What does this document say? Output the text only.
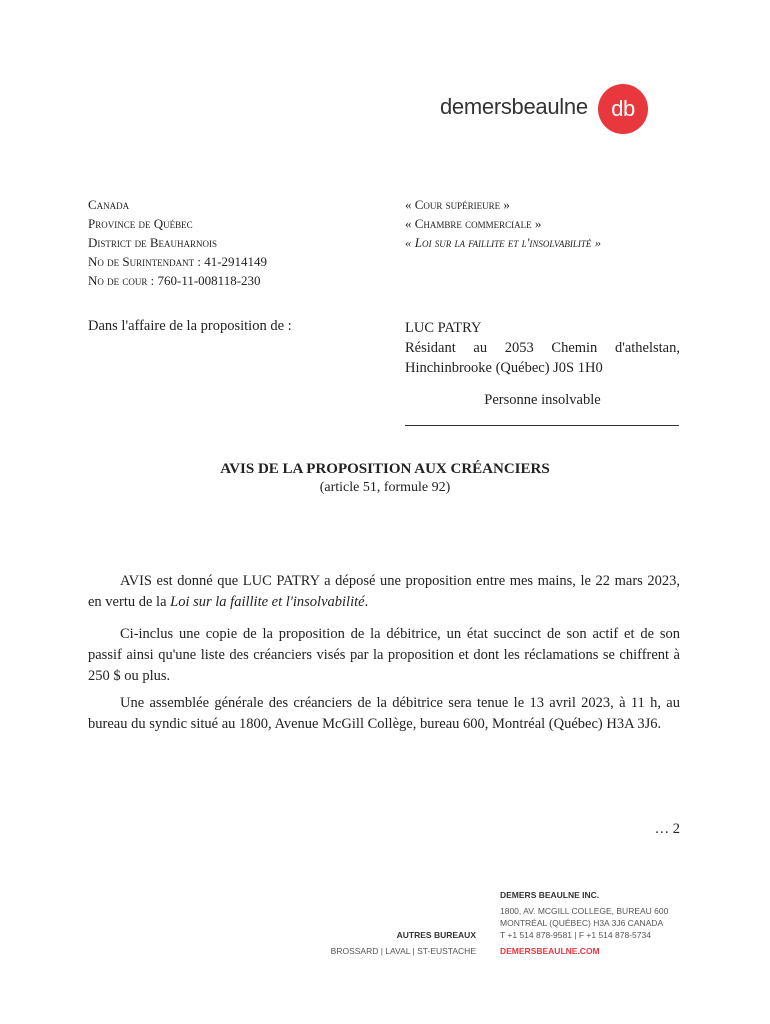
demersbeaulne	db
Canada
Province de Québec
District de Beauharnois
No de Surintendant : 41-2914149
No de cour : 760-11-008118-230
« Cour supérieure »
« Chambre commerciale »
« Loi sur la faillite et l'insolvabilité »
Dans l'affaire de la proposition de :	LUC PATRY
Résidant au 2053 Chemin d'athelstan,
Hinchinbrooke (Québec) J0S 1H0
Personne insolvable
AVIS DE LA PROPOSITION AUX CRÉANCIERS
(article 51, formule 92)
AVIS est donné que LUC PATRY a déposé une proposition entre mes mains, le 22 mars 2023, en vertu de la Loi sur la faillite et l'insolvabilité.
Ci-inclus une copie de la proposition de la débitrice, un état succinct de son actif et de son passif ainsi qu'une liste des créanciers visés par la proposition et dont les réclamations se chiffrent à 250 $ ou plus.
Une assemblée générale des créanciers de la débitrice sera tenue le 13 avril 2023, à 11 h, au bureau du syndic situé au 1800, Avenue McGill Collège, bureau 600, Montréal (Québec) H3A 3J6.
… 2
AUTRES BUREAUX
BROSSARD | LAVAL | ST-EUSTACHE
DEMERS BEAULNE INC.
1800, AV. MCGILL COLLEGE, BUREAU 600
MONTRÉAL (QUÉBEC) H3A 3J6 CANADA
T +1 514 878-9581 | F +1 514 878-5734
DEMERSBEAULNE.COM
